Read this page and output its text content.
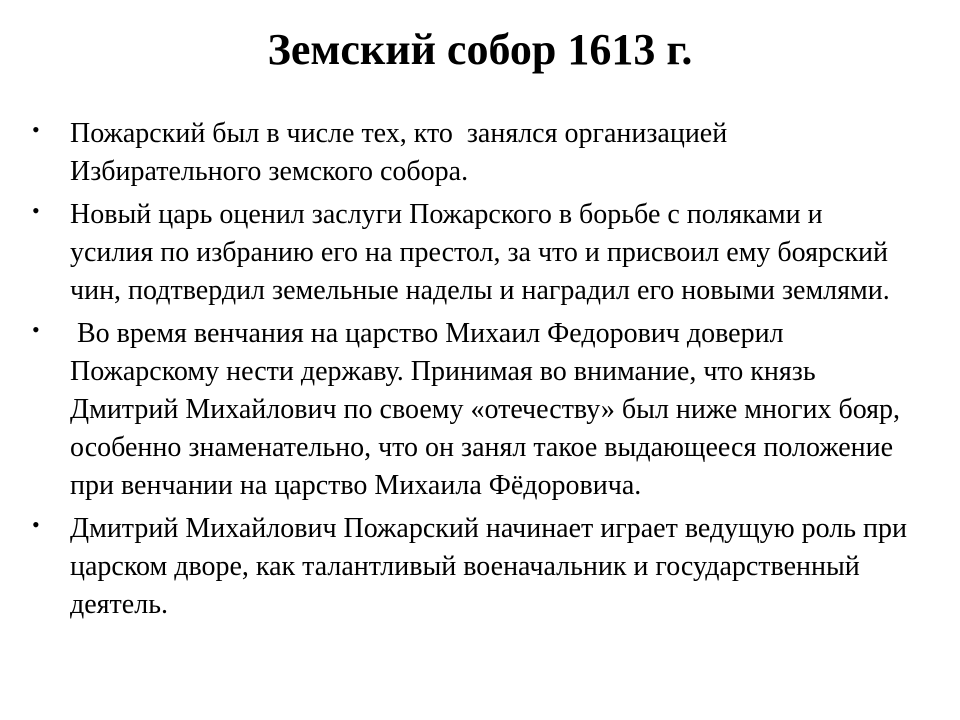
Земский собор 1613 г.
•	Пожарский был в числе тех, кто  занялся организацией Избирательного земского собора.
•	Новый царь оценил заслуги Пожарского в борьбе с поляками и усилия по избранию его на престол, за что и присвоил ему боярский чин, подтвердил земельные наделы и наградил его новыми землями.
•	Во время венчания на царство Михаил Федорович доверил Пожарскому нести державу. Принимая во внимание, что князь Дмитрий Михайлович по своему «отечеству» был ниже многих бояр, особенно знаменательно, что он занял такое выдающееся положение при венчании на царство Михаила Фёдоровича.
•	Дмитрий Михайлович Пожарский начинает играет ведущую роль при царском дворе, как талантливый военачальник и государственный деятель.
